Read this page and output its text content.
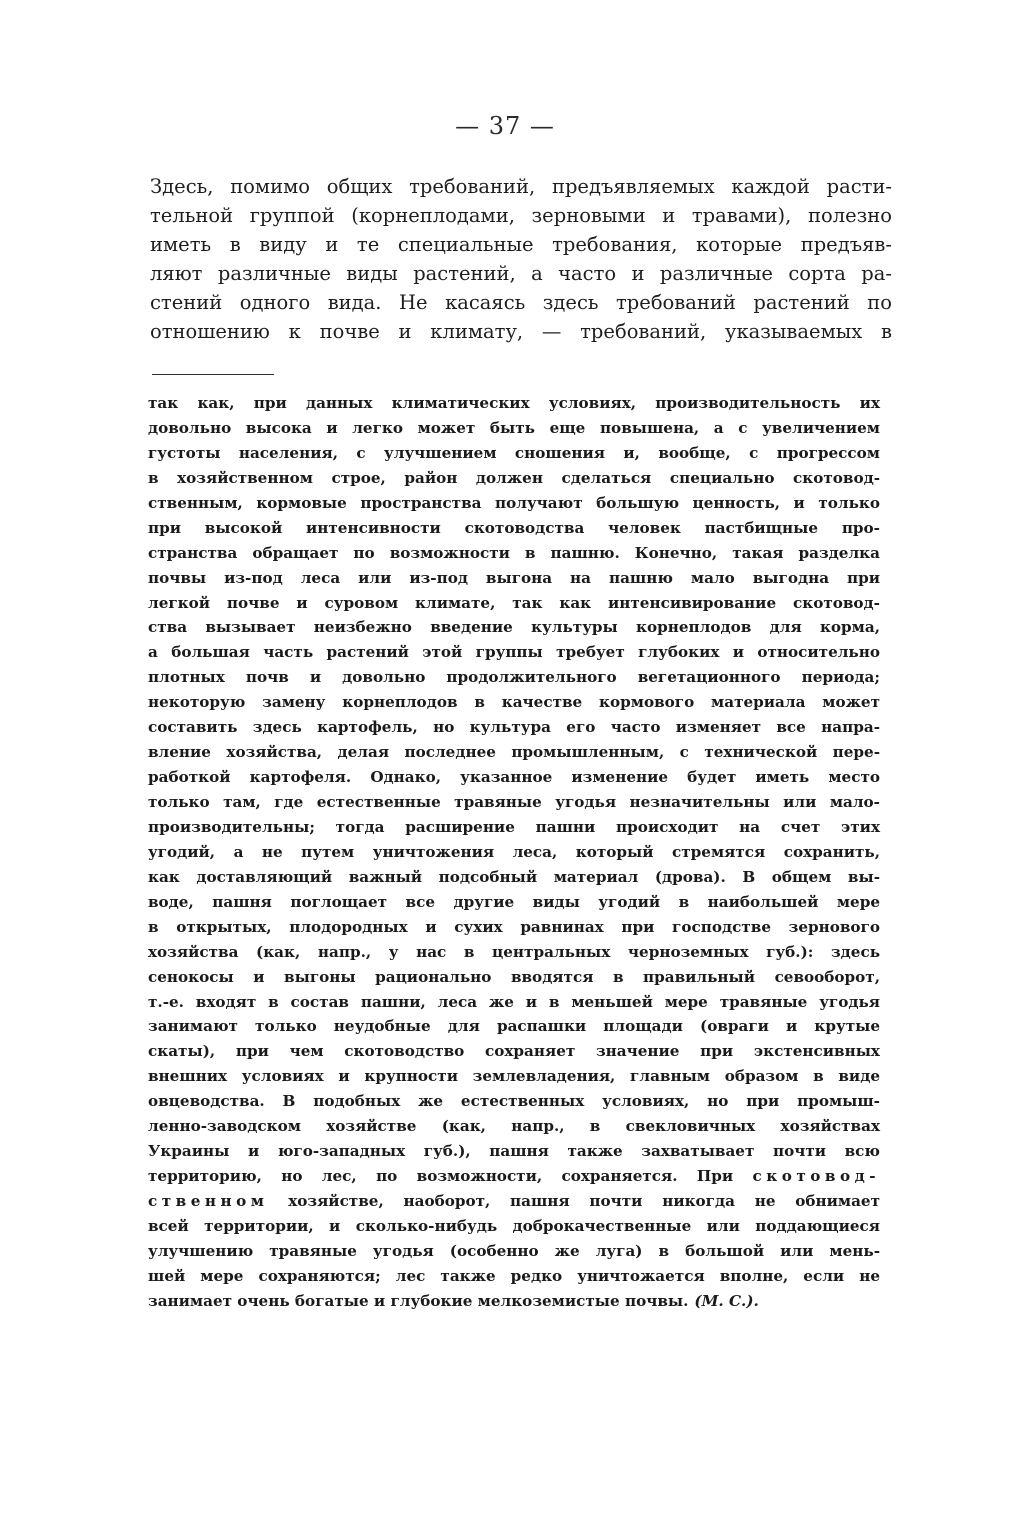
— 37 —
Здесь, помимо общих требований, предъявляемых каждой расти-
тельной группой (корнеплодами, зерновыми и травами), полезно
иметь в виду и те специальные требования, которые предъяв-
ляют различные виды растений, а часто и различные сорта ра-
стений одного вида. Не касаясь здесь требований растений по
отношению к почве и климату, — требований, указываемых в
так как, при данных климатических условиях, производительность их
довольно высока и легко может быть еще повышена, а с увеличением
густоты населения, с улучшением сношения и, вообще, с прогрессом
в хозяйственном строе, район должен сделаться специально скотовод-
ственным, кормовые пространства получают большую ценность, и только
при высокой интенсивности скотоводства человек пастбищные про-
странства обращает по возможности в пашню. Конечно, такая разделка
почвы из-под леса или из-под выгона на пашню мало выгодна при
легкой почве и суровом климате, так как интенсивирование скотовод-
ства вызывает неизбежно введение культуры корнеплодов для корма,
а большая часть растений этой группы требует глубоких и относительно
плотных почв и довольно продолжительного вегетационного периода;
некоторую замену корнеплодов в качестве кормового материала может
составить здесь картофель, но культура его часто изменяет все напра-
вление хозяйства, делая последнее промышленным, с технической пере-
работкой картофеля. Однако, указанное изменение будет иметь место
только там, где естественные травяные угодья незначительны или мало-
производительны; тогда расширение пашни происходит на счет этих
угодий, а не путем уничтожения леса, который стремятся сохранить,
как доставляющий важный подсобный материал (дрова). В общем вы-
воде, пашня поглощает все другие виды угодий в наибольшей мере
в открытых, плодородных и сухих равнинах при господстве зернового
хозяйства (как, напр., у нас в центральных черноземных губ.): здесь
сенокосы и выгоны рационально вводятся в правильный севооборот,
т.-е. входят в состав пашни, леса же и в меньшей мере травяные угодья
занимают только неудобные для распашки площади (овраги и крутые
скаты), при чем скотоводство сохраняет значение при экстенсивных
внешних условиях и крупности землевладения, главным образом в виде
овцеводства. В подобных же естественных условиях, но при промыш-
ленно-заводском хозяйстве (как, напр., в свекловичных хозяйствах
Украины и юго-западных губ.), пашня также захватывает почти всю
территорию, но лес, по возможности, сохраняется. При скотовод-
ственном хозяйстве, наоборот, пашня почти никогда не обнимает
всей территории, и сколько-нибудь доброкачественные или поддающиеся
улучшению травяные угодья (особенно же луга) в большой или мень-
шей мере сохраняются; лес также редко уничтожается вполне, если не
занимает очень богатые и глубокие мелкоземистые почвы. (М. С.).
